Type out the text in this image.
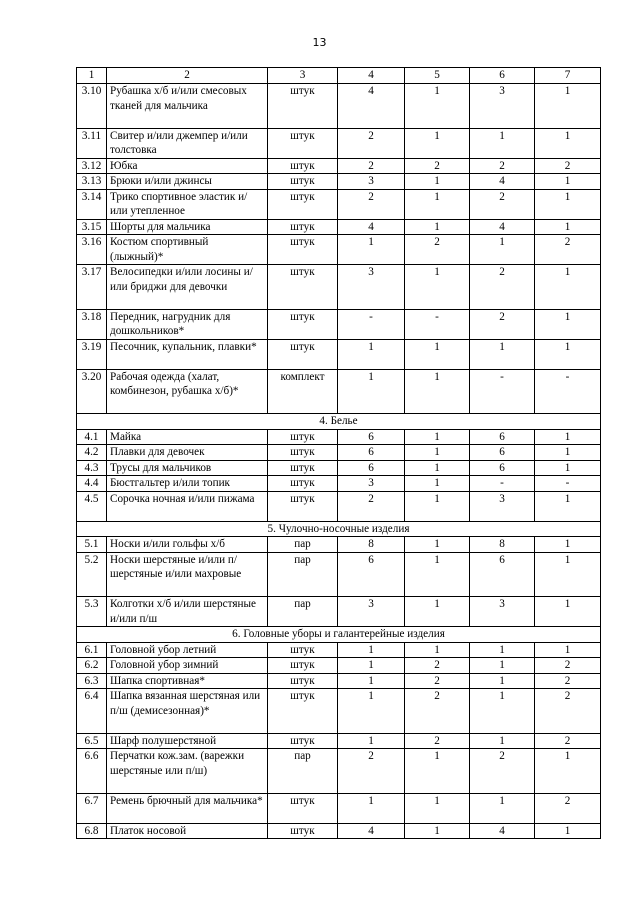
13
1	2	3	4	5	6	7
3.10	Рубашка х/б и/или смесовых тканей для мальчика	штук	4	1	3	1
3.11	Свитер и/или джемпер и/или толстовка	штук	2	1	1	1
3.12	Юбка	штук	2	2	2	2
3.13	Брюки и/или джинсы	штук	3	1	4	1
3.14	Трико спортивное эластик и/или утепленное	штук	2	1	2	1
3.15	Шорты для мальчика	штук	4	1	4	1
3.16	Костюм спортивный (лыжный)*	штук	1	2	1	2
3.17	Велосипедки и/или лосины и/или бриджи для девочки	штук	3	1	2	1
3.18	Передник, нагрудник для дошкольников*	штук	-	-	2	1
3.19	Песочник, купальник, плавки*	штук	1	1	1	1
3.20	Рабочая одежда (халат, комбинезон, рубашка х/б)*	комплект	1	1	-	-
4. Белье						
4.1	Майка	штук	6	1	6	1
4.2	Плавки для девочек	штук	6	1	6	1
4.3	Трусы для мальчиков	штук	6	1	6	1
4.4	Бюстгальтер и/или топик	штук	3	1	-	-
4.5	Сорочка ночная и/или пижама	штук	2	1	3	1
5. Чулочно-носочные изделия						
5.1	Носки и/или гольфы х/б	пар	8	1	8	1
5.2	Носки шерстяные и/или п/шерстяные и/или махровые	пар	6	1	6	1
5.3	Колготки х/б и/или шерстяные и/или п/ш	пар	3	1	3	1
6. Головные уборы и галантерейные изделия						
6.1	Головной убор летний	штук	1	1	1	1
6.2	Головной убор зимний	штук	1	2	1	2
6.3	Шапка спортивная*	штук	1	2	1	2
6.4	Шапка вязанная шерстяная или п/ш (демисезонная)*	штук	1	2	1	2
6.5	Шарф полушерстяной	штук	1	2	1	2
6.6	Перчатки кож.зам. (варежки шерстяные или п/ш)	пар	2	1	2	1
6.7	Ремень брючный для мальчика*	штук	1	1	1	2
6.8	Платок носовой	штук	4	1	4	1
